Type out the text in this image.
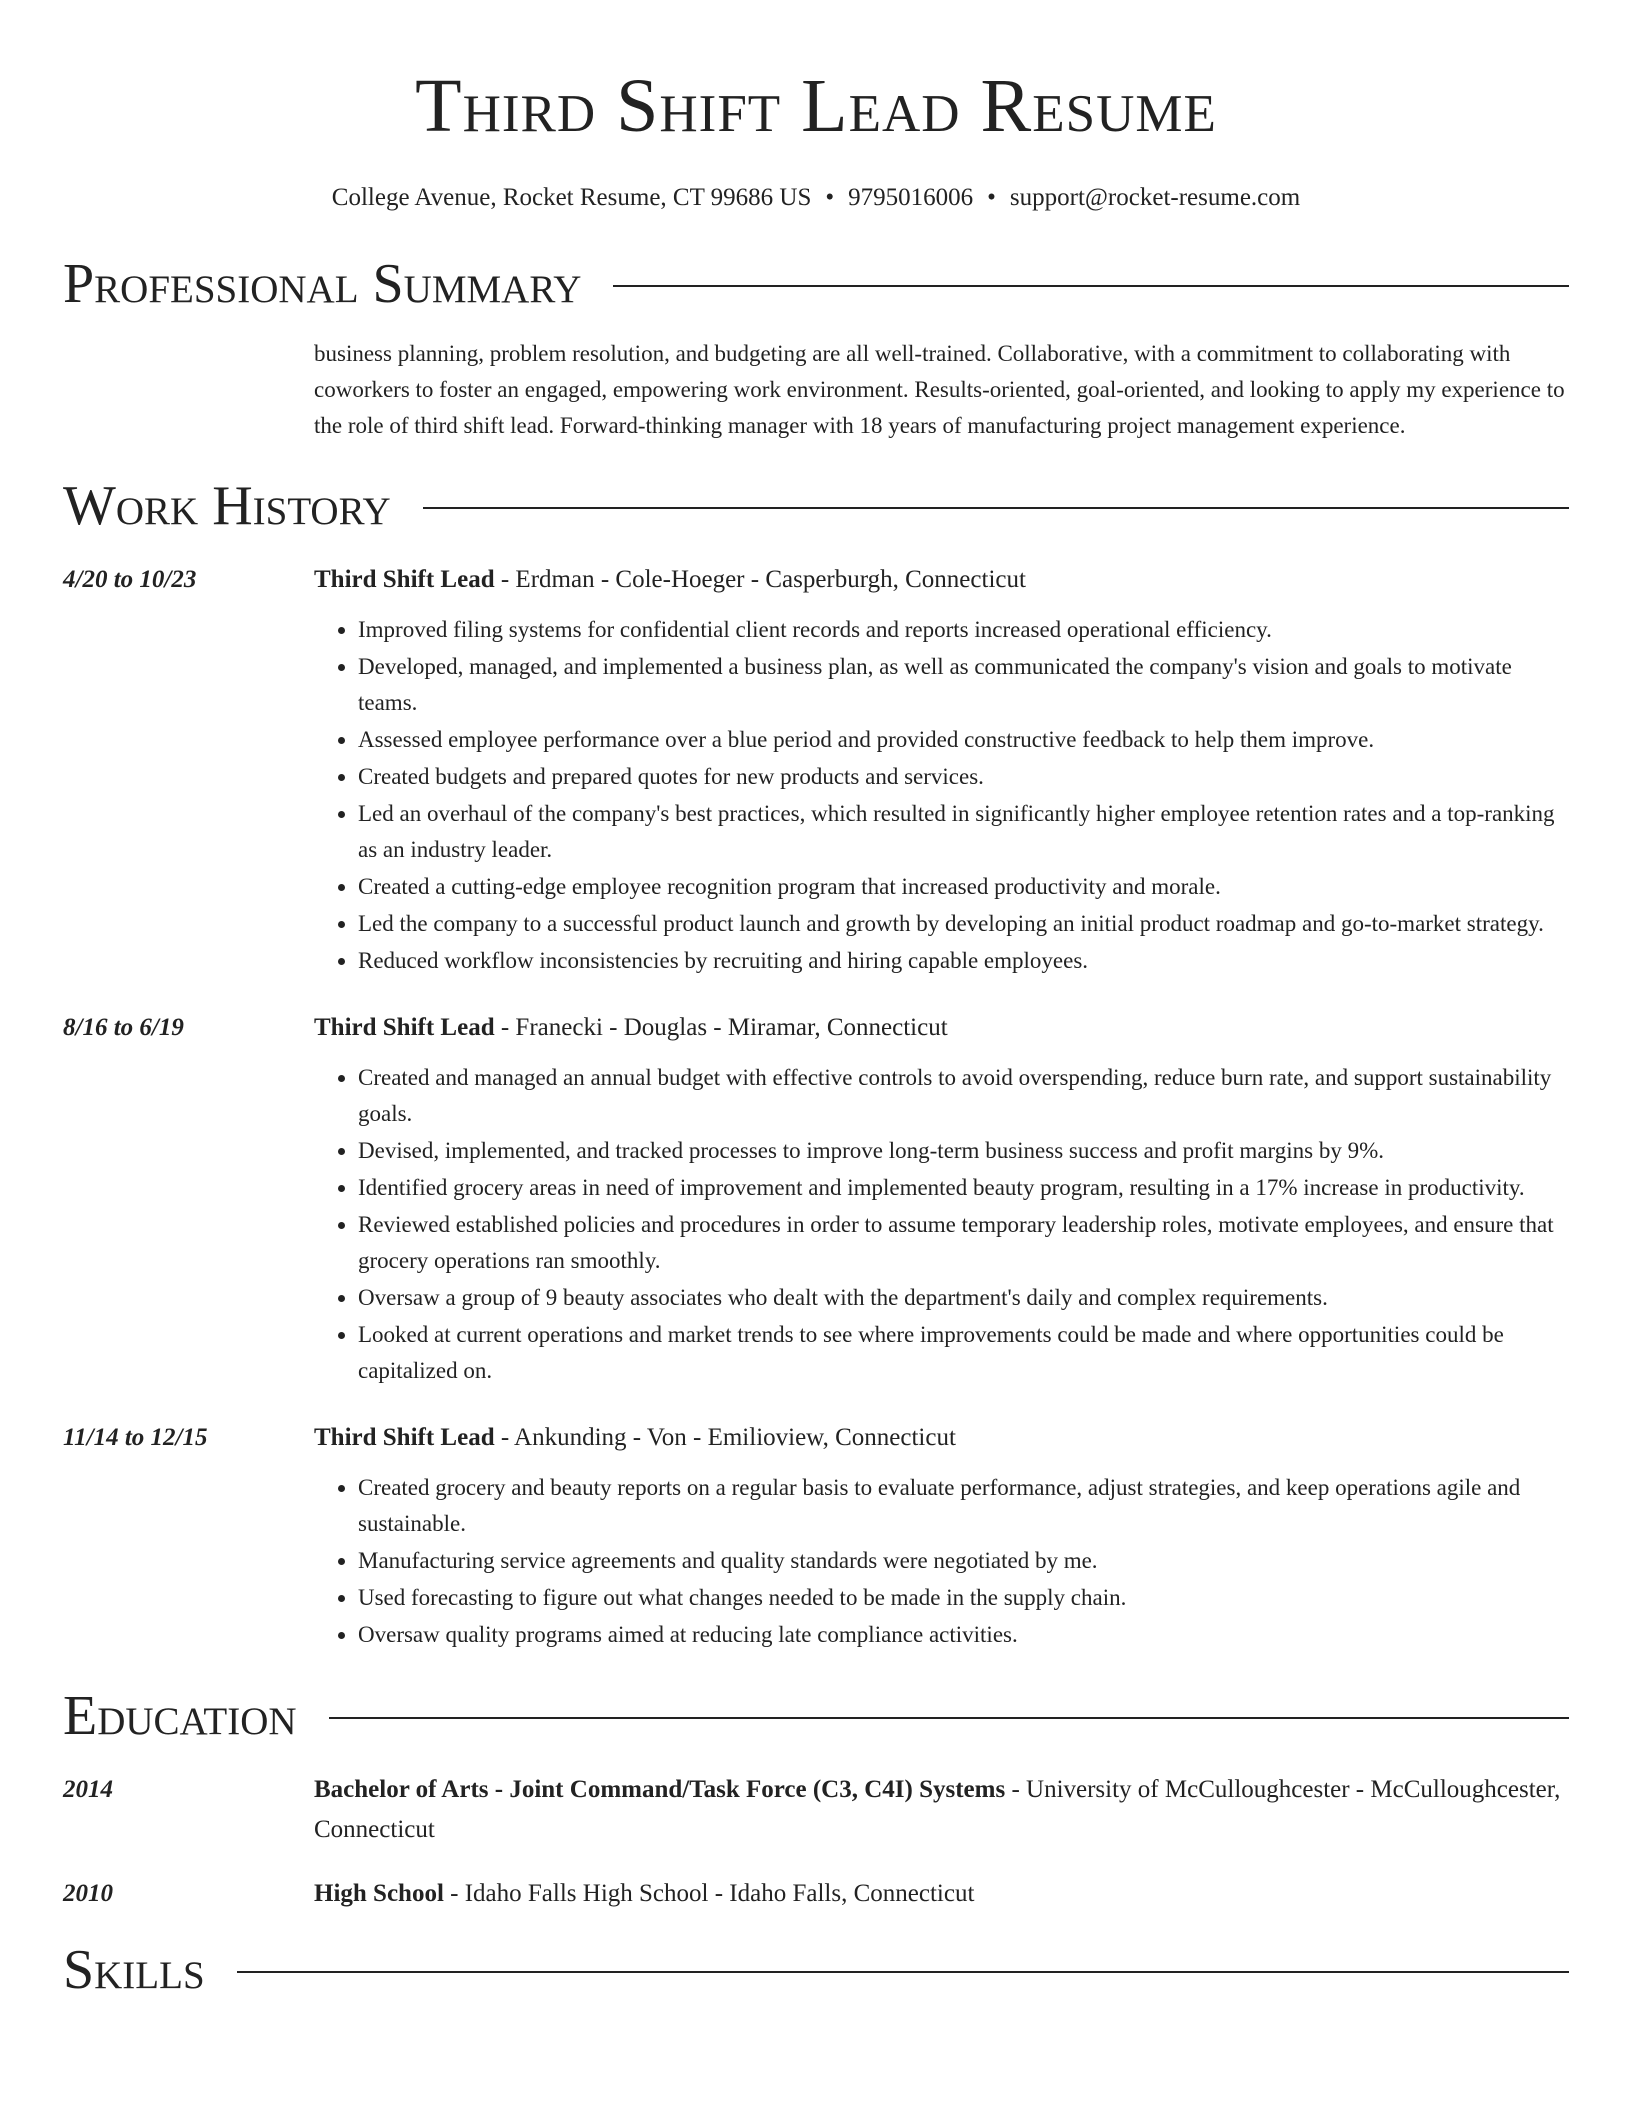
Third Shift Lead Resume
College Avenue, Rocket Resume, CT 99686 US • 9795016006 • support@rocket-resume.com
Professional Summary
business planning, problem resolution, and budgeting are all well-trained. Collaborative, with a commitment to collaborating with coworkers to foster an engaged, empowering work environment. Results-oriented, goal-oriented, and looking to apply my experience to the role of third shift lead. Forward-thinking manager with 18 years of manufacturing project management experience.
Work History
4/20 to 10/23	Third Shift Lead - Erdman - Cole-Hoeger - Casperburgh, Connecticut
• Improved filing systems for confidential client records and reports increased operational efficiency.
• Developed, managed, and implemented a business plan, as well as communicated the company's vision and goals to motivate teams.
• Assessed employee performance over a blue period and provided constructive feedback to help them improve.
• Created budgets and prepared quotes for new products and services.
• Led an overhaul of the company's best practices, which resulted in significantly higher employee retention rates and a top-ranking as an industry leader.
• Created a cutting-edge employee recognition program that increased productivity and morale.
• Led the company to a successful product launch and growth by developing an initial product roadmap and go-to-market strategy.
• Reduced workflow inconsistencies by recruiting and hiring capable employees.
8/16 to 6/19	Third Shift Lead - Franecki - Douglas - Miramar, Connecticut
• Created and managed an annual budget with effective controls to avoid overspending, reduce burn rate, and support sustainability goals.
• Devised, implemented, and tracked processes to improve long-term business success and profit margins by 9%.
• Identified grocery areas in need of improvement and implemented beauty program, resulting in a 17% increase in productivity.
• Reviewed established policies and procedures in order to assume temporary leadership roles, motivate employees, and ensure that grocery operations ran smoothly.
• Oversaw a group of 9 beauty associates who dealt with the department's daily and complex requirements.
• Looked at current operations and market trends to see where improvements could be made and where opportunities could be capitalized on.
11/14 to 12/15	Third Shift Lead - Ankunding - Von - Emilioview, Connecticut
• Created grocery and beauty reports on a regular basis to evaluate performance, adjust strategies, and keep operations agile and sustainable.
• Manufacturing service agreements and quality standards were negotiated by me.
• Used forecasting to figure out what changes needed to be made in the supply chain.
• Oversaw quality programs aimed at reducing late compliance activities.
Education
2014	Bachelor of Arts - Joint Command/Task Force (C3, C4I) Systems - University of McCulloughcester - McCulloughcester, Connecticut
2010	High School - Idaho Falls High School - Idaho Falls, Connecticut
Skills
